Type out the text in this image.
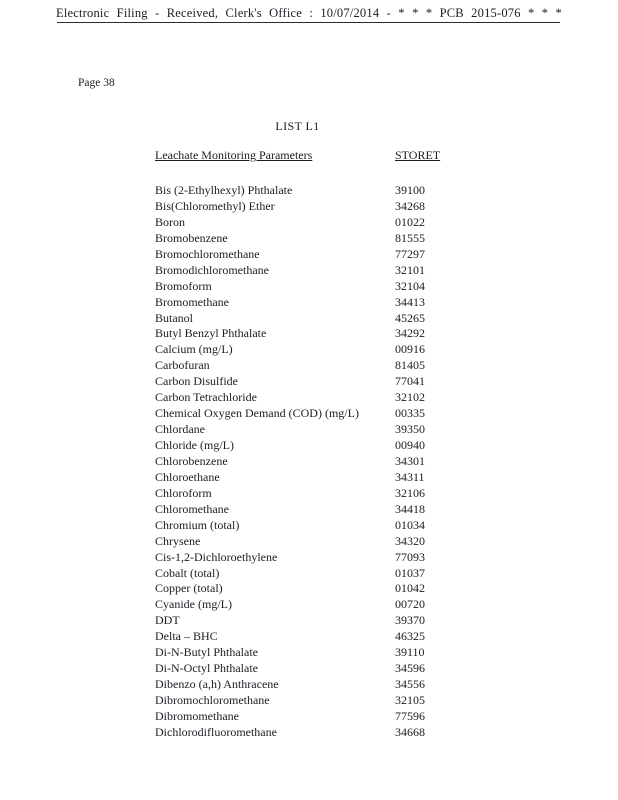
Electronic Filing - Received, Clerk's Office : 10/07/2014 - * * * PCB 2015-076 * * *
Page 38
LIST L1
Leachate Monitoring Parameters	STORET
Bis (2-Ethylhexyl) Phthalate	39100
Bis(Chloromethyl) Ether	34268
Boron	01022
Bromobenzene	81555
Bromochloromethane	77297
Bromodichloromethane	32101
Bromoform	32104
Bromomethane	34413
Butanol	45265
Butyl Benzyl Phthalate	34292
Calcium (mg/L)	00916
Carbofuran	81405
Carbon Disulfide	77041
Carbon Tetrachloride	32102
Chemical Oxygen Demand (COD) (mg/L)	00335
Chlordane	39350
Chloride (mg/L)	00940
Chlorobenzene	34301
Chloroethane	34311
Chloroform	32106
Chloromethane	34418
Chromium (total)	01034
Chrysene	34320
Cis-1,2-Dichloroethylene	77093
Cobalt (total)	01037
Copper (total)	01042
Cyanide (mg/L)	00720
DDT	39370
Delta – BHC	46325
Di-N-Butyl Phthalate	39110
Di-N-Octyl Phthalate	34596
Dibenzo (a,h) Anthracene	34556
Dibromochloromethane	32105
Dibromomethane	77596
Dichlorodifluoromethane	34668
